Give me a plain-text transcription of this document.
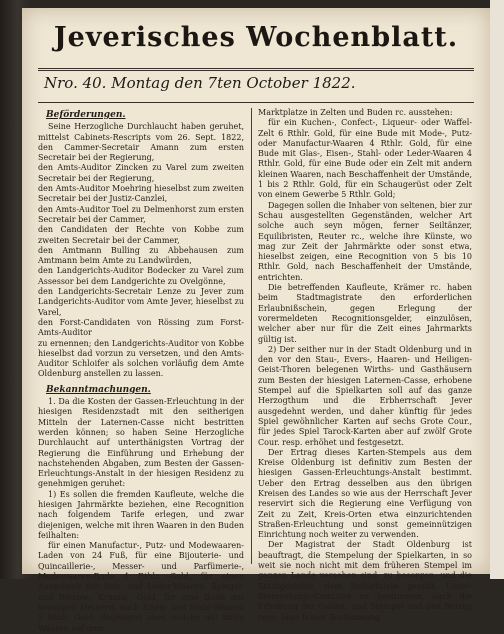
Jeverisches Wochenblatt.
Nro. 40. Montag den 7ten October 1822.

Beförderungen.

Seine Herzogliche Durchlaucht haben geruhet, mittelst Cabinets-Rescripts vom 26. Sept. 1822, den Cammer-Secretair Amann zum ersten Secretair bei der Regierung,

den Amts-Auditor Zincken zu Varel zum zweiten Secretair bei der Regierung,

den Amts-Auditor Moehring hieselbst zum zweiten Secretair bei der Justiz-Canzlei,

den Amts-Auditor Toel zu Delmenhorst zum ersten Secretair bei der Cammer,

den Candidaten der Rechte von Kobbe zum zweiten Secretair bei der Cammer,

den Amtmann Bulling zu Abbehausen zum Amtmann beim Amte zu Landwürden,

den Landgerichts-Auditor Bodecker zu Varel zum Assessor bei dem Landgerichte zu Ovelgönne,

den Landgerichts-Secretair Lenze zu Jever zum Landgerichts-Auditor vom Amte Jever, hieselbst zu Varel,

den Forst-Candidaten von Rössing zum Forst-Amts-Auditor

zu ernennen; den Landgerichts-Auditor von Kobbe hieselbst dad vorzun zu versetzen, und den Amts-Auditor Schloifer als solchen vorläufig dem Amte Oldenburg anstellen zu lassen.

Bekanntmachungen.

1. Da die Kosten der Gassen-Erleuchtung in der hiesigen Residenzstadt mit den seitherigen Mitteln der Laternen-Casse nicht bestritten werden können; so haben Seine Herzogliche Durchlaucht auf unterthänigsten Vortrag der Regierung die Einführung und Erhebung der nachstehenden Abgaben, zum Besten der Gassen-Erleuchtungs-Anstalt in der hiesigen Residenz zu genehmigen geruhet:

1) Es sollen die fremden Kaufleute, welche die hiesigen Jahrmärkte beziehen, eine Recognition nach folgendem Tarife erlegen, und zwar diejenigen, welche mit ihren Waaren in den Buden feilhalten:

für einen Manufactur-, Putz- und Modewaaren-Laden von 24 Fuß, für eine Bijouterie- und Quincaillerie-, Messer- und Parfümerie-, Modewaaren-Bude 4 Rthlr. Gold, für einen Ausschank mit Pelz- und Leder-Waaren, Spiegel- und Blechw., Kramw., Gold, für eine Bude mit sonstigen kleinern, auch Eisen- und Stahl-Waaren 5 Rthlr. Gold; diejenigen aber, welche mit ihren Waaren auf dem

Marktplatze in Zelten und Buden rc. ausstehen:

für ein Kuchen-, Confect-, Liqueur- oder Waffel-Zelt 6 Rthlr. Gold, für eine Bude mit Mode-, Putz- oder Manufactur-Waaren 4 Rthlr. Gold, für eine Bude mit Glas-, Eisen-, Stahl- oder Leder-Waaren 4 Rthlr. Gold, für eine Bude oder ein Zelt mit andern kleinen Waaren, nach Beschaffenheit der Umstände, 1 bis 2 Rthlr. Gold, für ein Schaugerüst oder Zelt von einem Gewerbe 5 Rthlr. Gold;

Dagegen sollen die Inhaber von seltenen, bier zur Schau ausgestellten Gegenständen, welcher Art solche auch seyn mögen, ferner Seiltänzer, Equilibristen, Reuter rc., welche ihre Künste, wo mag zur Zeit der Jahrmärkte oder sonst etwa, hieselbst zeigen, eine Recognition von 5 bis 10 Rthlr. Gold, nach Beschaffenheit der Umstände, entrichten.

Die betreffenden Kaufleute, Krämer rc. haben beim Stadtmagistrate den erforderlichen Erlaubnißschein, gegen Erlegung der vorermeldeten Recognitionsgelder, einzulösen, welcher aber nur für die Zeit eines Jahrmarkts gültig ist.

2) Der seither nur in der Stadt Oldenburg und in den vor den Stau-, Evers-, Haaren- und Heiligen-Geist-Thoren belegenen Wirths- und Gasthäusern zum Besten der hiesigen Laternen-Casse, erhobene Stempel auf die Spielkarten soll auf das ganze Herzogthum und die Erbherrschaft Jever ausgedehnt werden, und daher künftig für jedes Spiel gewöhnlicher Karten auf sechs Grote Cour., für jedes Spiel Tarock-Karten aber auf zwölf Grote Cour. resp. erhöhet und festgesetzt.

Der Ertrag dieses Karten-Stempels aus dem Kreise Oldenburg ist definitiv zum Besten der hiesigen Gassen-Erleuchtungs-Anstalt bestimmt. Ueber den Ertrag desselben aus den übrigen Kreisen des Landes so wie aus der Herrschaft Jever reservirt sich die Regierung eine Verfügung von Zeit zu Zeit, Kreis-Orten etwa einzurichtenden Straßen-Erleuchtung und sonst gemeinnützigen Einrichtung noch weiter zu verwenden.

Der Magistrat der Stadt Oldenburg ist beauftragt, die Stempelung der Spielkarten, in so weit sie noch nicht mit dem früheren Stempel im ganzen Lande versehen sind, zu besorgen, und die Stadtgerichte, dem Bedürfnisse gemäß, Unter-Stempelungs-Comtoire an bestimmen, auch die Erhebung der Gelder, und Stempel und den Betrag resp. über feiner Bestimmung
